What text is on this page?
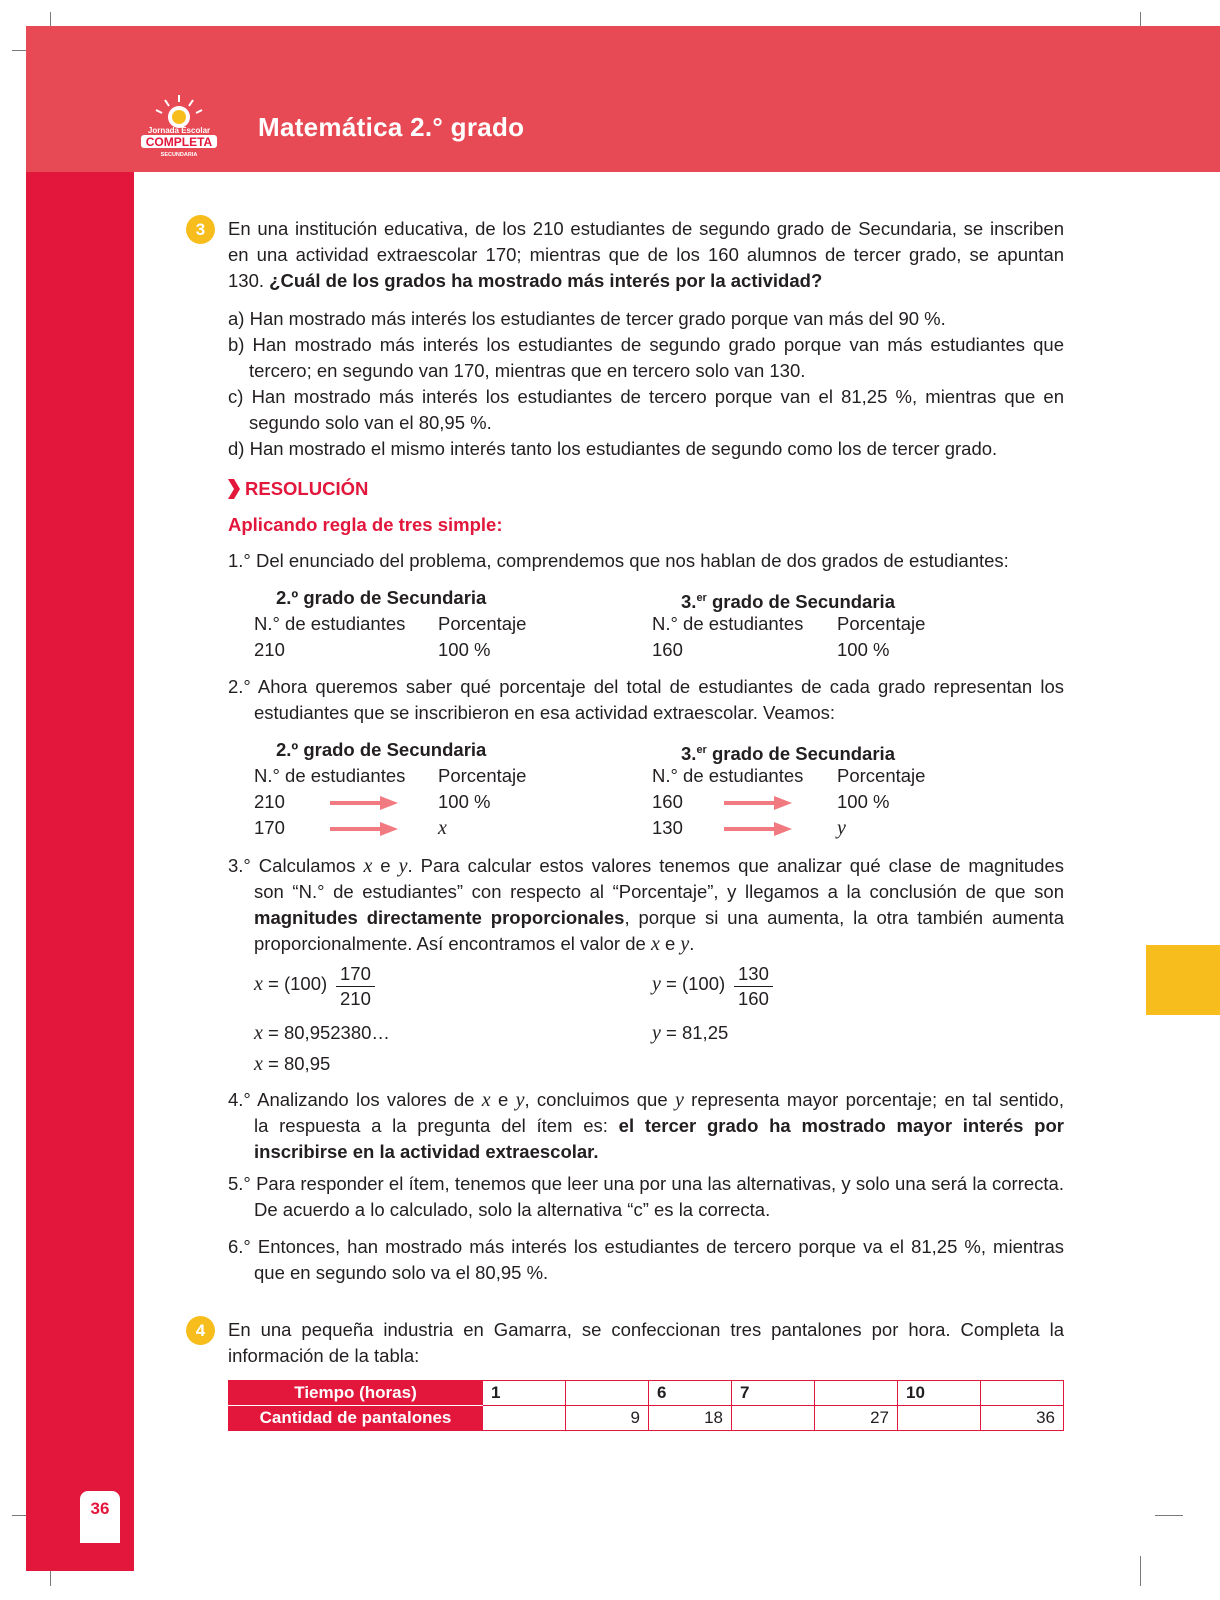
Jornada Escolar
COMPLETA
SECUNDARIA
Matemática 2.° grado
36
3	En una institución educativa, de los 210 estudiantes de segundo grado de Secundaria, se inscriben
en una actividad extraescolar 170; mientras que de los 160 alumnos de tercer grado, se apuntan
130. ¿Cuál de los grados ha mostrado más interés por la actividad?
a) Han mostrado más interés los estudiantes de tercer grado porque van más del 90 %.
b) Han mostrado más interés los estudiantes de segundo grado porque van más estudiantes que
tercero; en segundo van 170, mientras que en tercero solo van 130.
c) Han mostrado más interés los estudiantes de tercero porque van el 81,25 %, mientras que en
segundo solo van el 80,95 %.
d) Han mostrado el mismo interés tanto los estudiantes de segundo como los de tercer grado.
RESOLUCIÓN
Aplicando regla de tres simple:
1.° Del enunciado del problema, comprendemos que nos hablan de dos grados de estudiantes:
2.º grado de Secundaria	3.$^{er}$ grado de Secundaria
N.° de estudiantes Porcentaje	N.° de estudiantes Porcentaje
210	100 %	160	100 %
2.° Ahora queremos saber qué porcentaje del total de estudiantes de cada grado representan los
estudiantes que se inscribieron en esa actividad extraescolar. Veamos:
2.º grado de Secundaria	3.$^{er}$ grado de Secundaria
N.° de estudiantes Porcentaje	N.° de estudiantes Porcentaje
210	100 %	160	100 %
170	x	130	y
3.° Calculamos x e y. Para calcular estos valores tenemos que analizar qué clase de magnitudes
son “N.° de estudiantes” con respecto al “Porcentaje”, y llegamos a la conclusión de que son
magnitudes directamente proporcionales, porque si una aumenta, la otra también aumenta
proporcionalmente. Así encontramos el valor de x e y.
$x = (100) \frac{170}{210}$	$y = (100) \frac{130}{160}$
x = 80,952380…	y = 81,25
x = 80,95
4.° Analizando los valores de x e y, concluimos que y representa mayor porcentaje; en tal sentido,
la respuesta a la pregunta del ítem es: el tercer grado ha mostrado mayor interés por
inscribirse en la actividad extraescolar.
5.° Para responder el ítem, tenemos que leer una por una las alternativas, y solo una será la correcta.
De acuerdo a lo calculado, solo la alternativa “c” es la correcta.
6.° Entonces, han mostrado más interés los estudiantes de tercero porque va el 81,25 %, mientras
que en segundo solo va el 80,95 %.
4	En una pequeña industria en Gamarra, se confeccionan tres pantalones por hora. Completa la
información de la tabla:
Tiempo (horas)	1		6	7		10	
Cantidad de pantalones		9	18		27		36
